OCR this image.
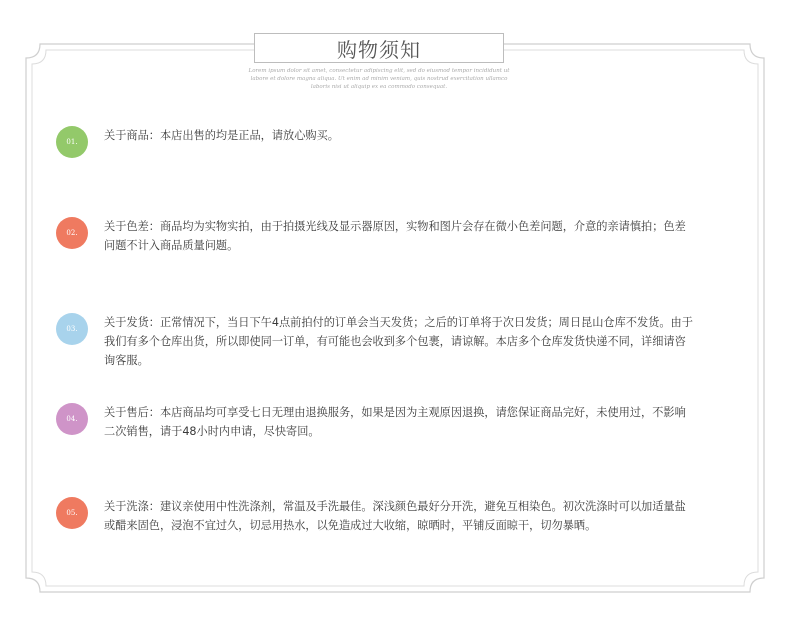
购物须知
Lorem ipsum dolor sit amet, consectetur adipiscing elit, sed do eiusmod tempor incididunt ut labore et dolore magna aliqua. Ut enim ad minim veniam, quis nostrud exercitation ullamco laboris nisi ut aliquip ex ea commodo consequat.
01.	关于商品：本店出售的均是正品，请放心购买。
02.	关于色差：商品均为实物实拍，由于拍摄光线及显示器原因，实物和图片会存在微小色差问题，介意的亲请慎拍；色差问题不计入商品质量问题。
03.	关于发货：正常情况下，当日下午4点前拍付的订单会当天发货；之后的订单将于次日发货；周日昆山仓库不发货。由于我们有多个仓库出货，所以即使同一订单，有可能也会收到多个包裹，请谅解。本店多个仓库发货快递不同，详细请咨询客服。
04.	关于售后：本店商品均可享受七日无理由退换服务，如果是因为主观原因退换，请您保证商品完好，未使用过，不影响二次销售，请于48小时内申请，尽快寄回。
05.	关于洗涤：建议亲使用中性洗涤剂，常温及手洗最佳。深浅颜色最好分开洗，避免互相染色。初次洗涤时可以加适量盐或醋来固色，浸泡不宜过久，切忌用热水，以免造成过大收缩，晾晒时，平铺反面晾干，切勿暴晒。
